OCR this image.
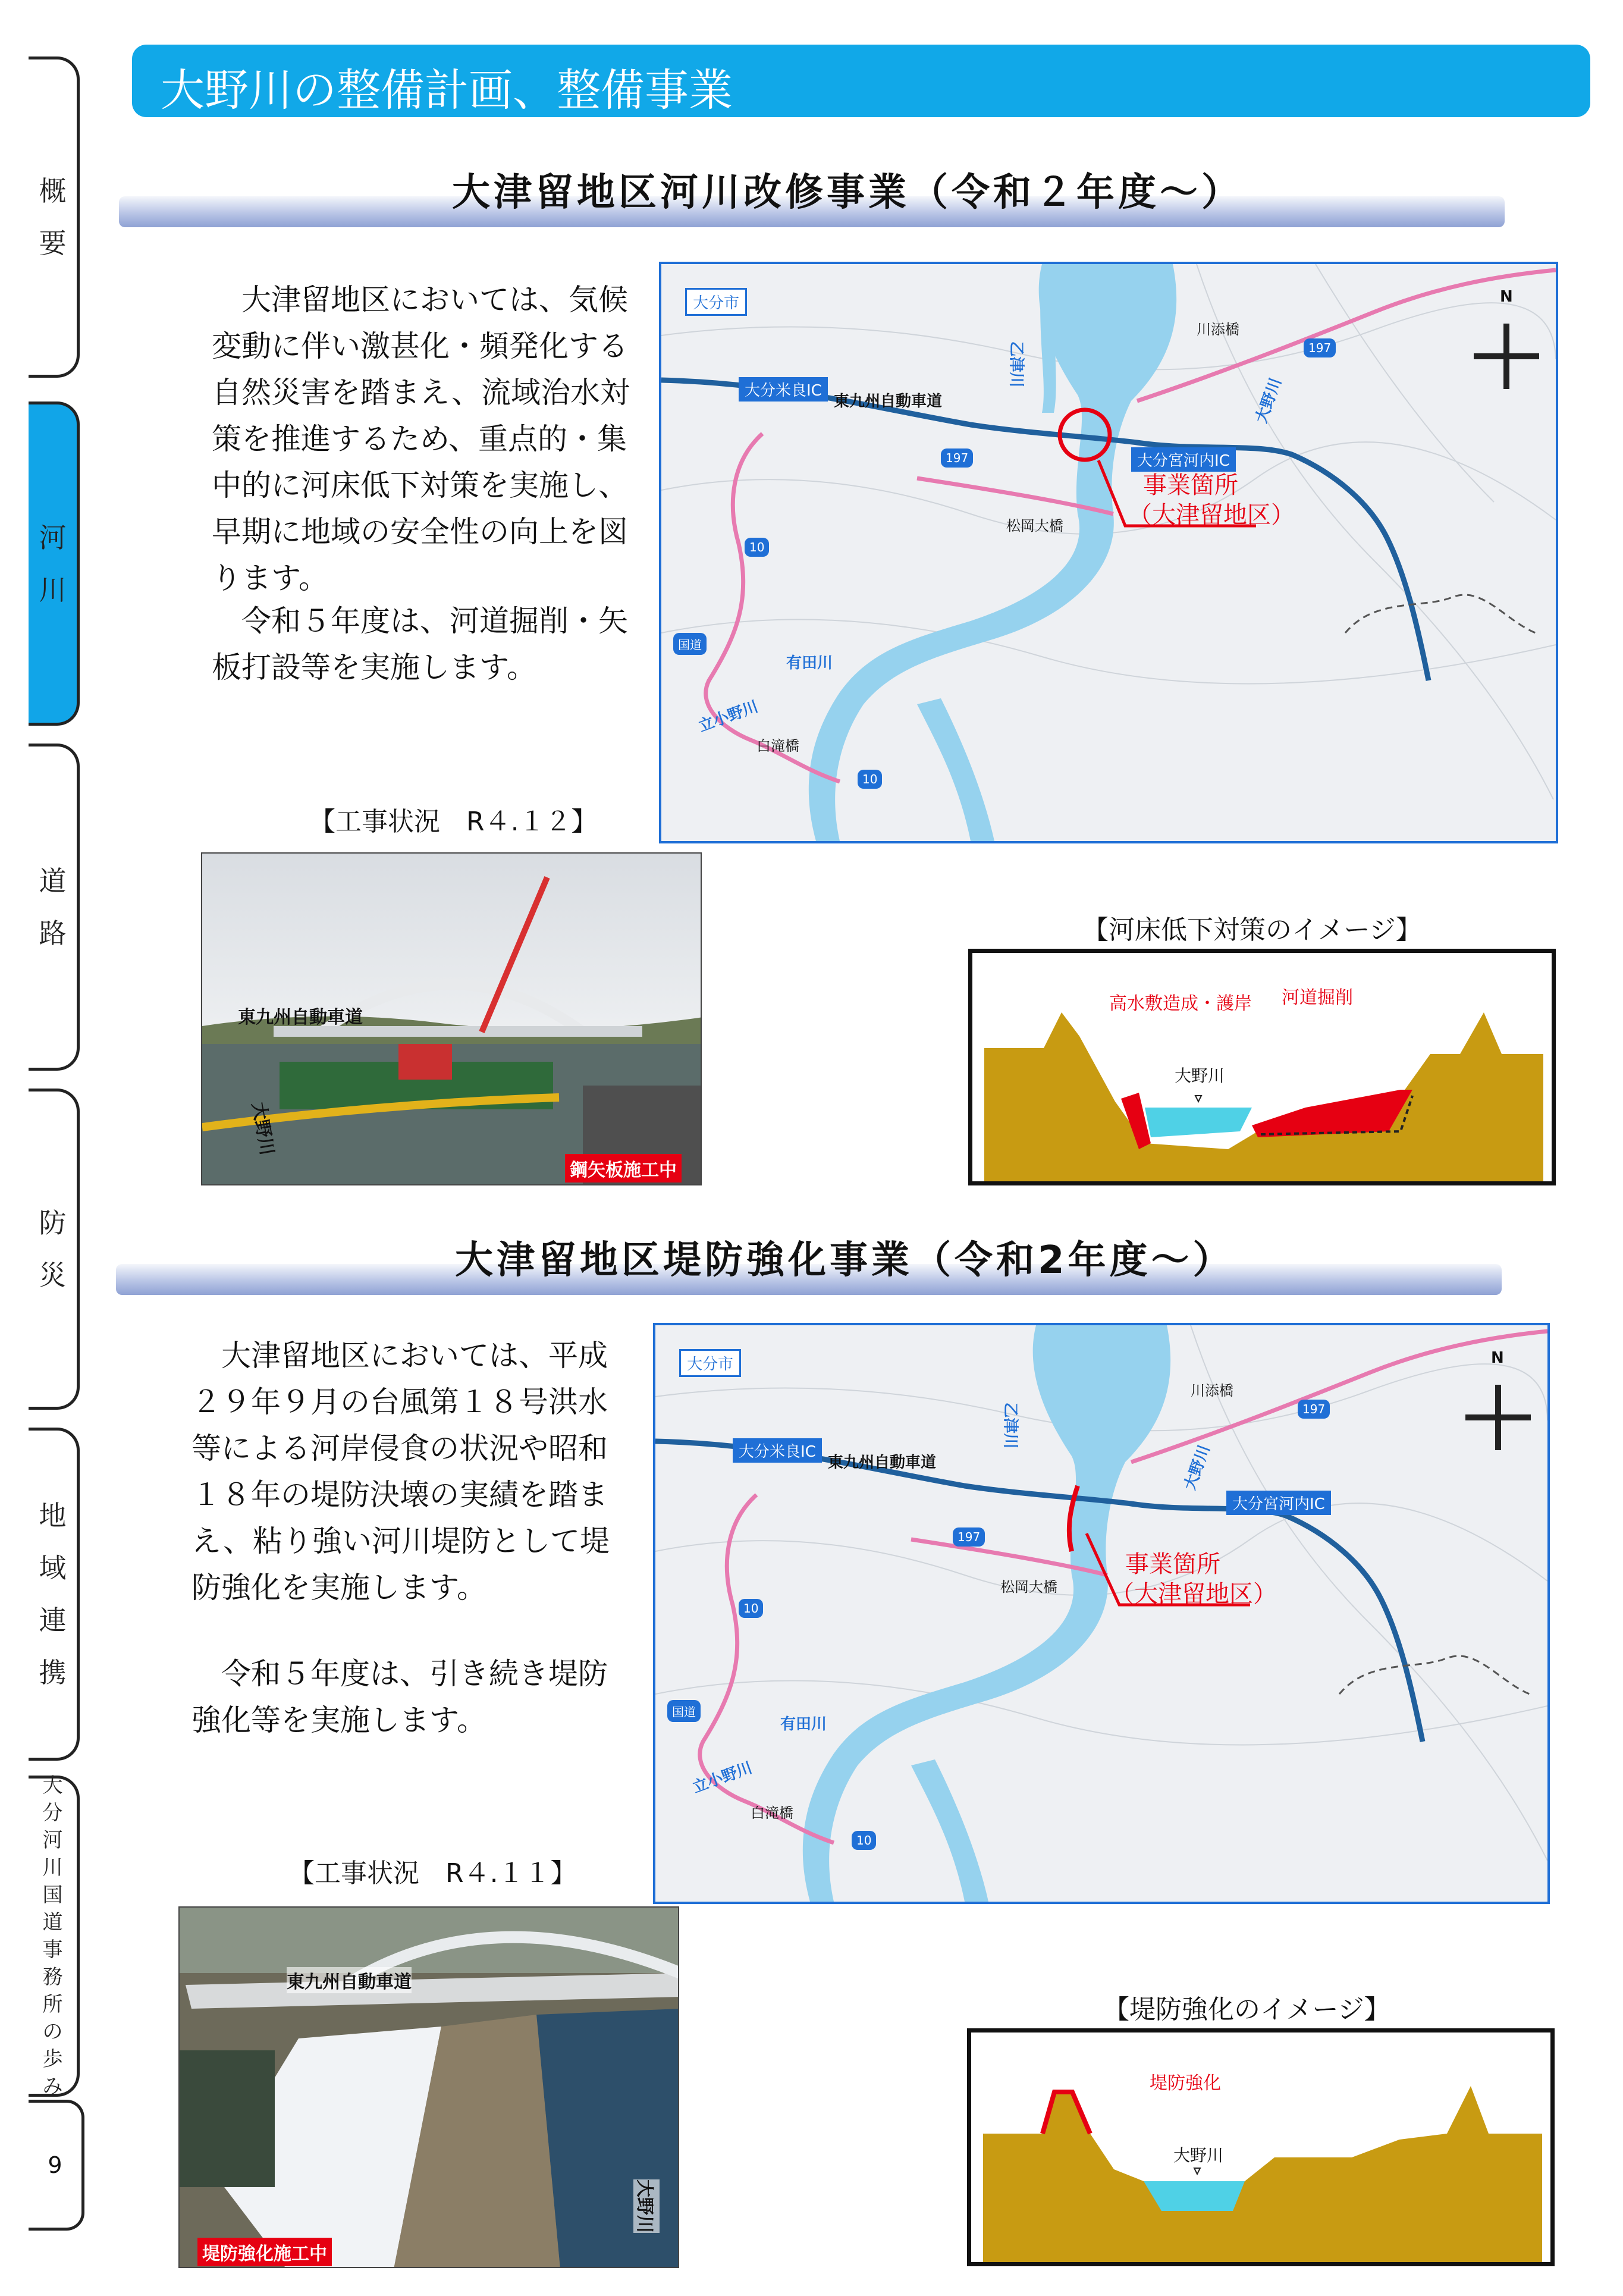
概
要
河
川
道
路
防
災
地
域
連
携
大
分
河
川
国
道
事
務
所
の
歩
み
9
大野川の整備計画、整備事業
大津留地区河川改修事業（令和２年度～）

大津留地区においては、気候変動に伴い激甚化・頻発化する自然災害を踏まえ、流域治水対策を推進するため、重点的・集中的に河床低下対策を実施し、早期に地域の安全性の向上を図ります。

令和５年度は、河道掘削・矢板打設等を実施します。

大分市
大分米良IC
大分宮河内IC
東九州自動車道
川添橋
松岡大橋
白滝橋
大野川
乙津川
有田川
立小野川
197
197
10
国道
10
事業箇所
（大津留地区）
N
【工事状況　R４.１２】
東九州自動車道
大野川
鋼矢板施工中
【河床低下対策のイメージ】
高水敷造成・護岸 河道掘削
大野川
大津留地区堤防強化事業（令和2年度～）

大津留地区においては、平成２９年９月の台風第１８号洪水等による河岸侵食の状況や昭和１８年の堤防決壊の実績を踏まえ、粘り強い河川堤防として堤防強化を実施します。

令和５年度は、引き続き堤防強化等を実施します。

大分市
大分米良IC
大分宮河内IC
東九州自動車道
川添橋
松岡大橋
白滝橋
大野川
乙津川
有田川
立小野川
197
197
10
国道
10
事業箇所
（大津留地区）
N
【工事状況　R４.１１】
東九州自動車道
大野川
堤防強化施工中
【堤防強化のイメージ】
堤防強化
大野川
